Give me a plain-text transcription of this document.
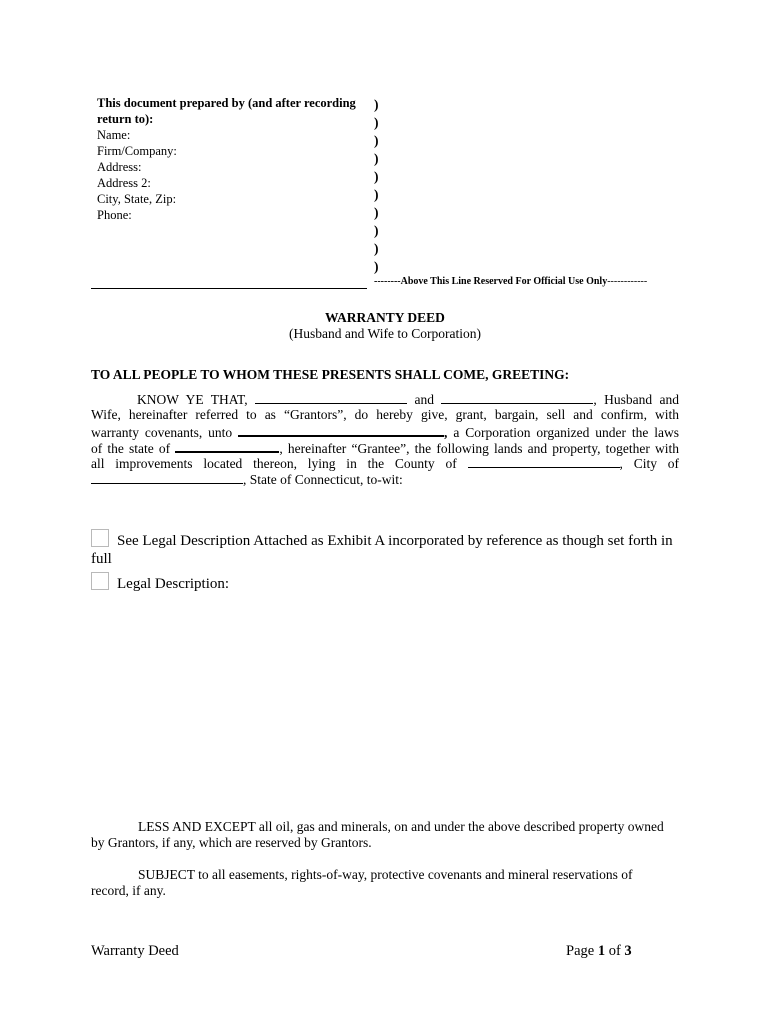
This document prepared by (and after recording
return to):
Name:
Firm/Company:
Address:
Address 2:
City, State, Zip:
Phone:
)
)
)
)
)
)
)
)
)
)
--------Above This Line Reserved For Official Use Only------------
WARRANTY DEED
(Husband and Wife to Corporation)
TO ALL PEOPLE TO WHOM THESE PRESENTS SHALL COME, GREETING:
KNOW YE THAT,	and	, Husband and
Wife, hereinafter referred to as “Grantors”, do hereby give, grant, bargain, sell and confirm, with
warranty covenants, unto	, a Corporation organized under the laws
of the state of	, hereinafter “Grantee”, the following lands and property, together with
all improvements located thereon, lying in the County of	, City of
, State of Connecticut, to-wit:
See Legal Description Attached as Exhibit A incorporated by reference as though set forth in
full
Legal Description:
LESS AND EXCEPT all oil, gas and minerals, on and under the above described property owned
by Grantors, if any, which are reserved by Grantors.
SUBJECT to all easements, rights-of-way, protective covenants and mineral reservations of
record, if any.
Warranty Deed	Page 1 of 3
